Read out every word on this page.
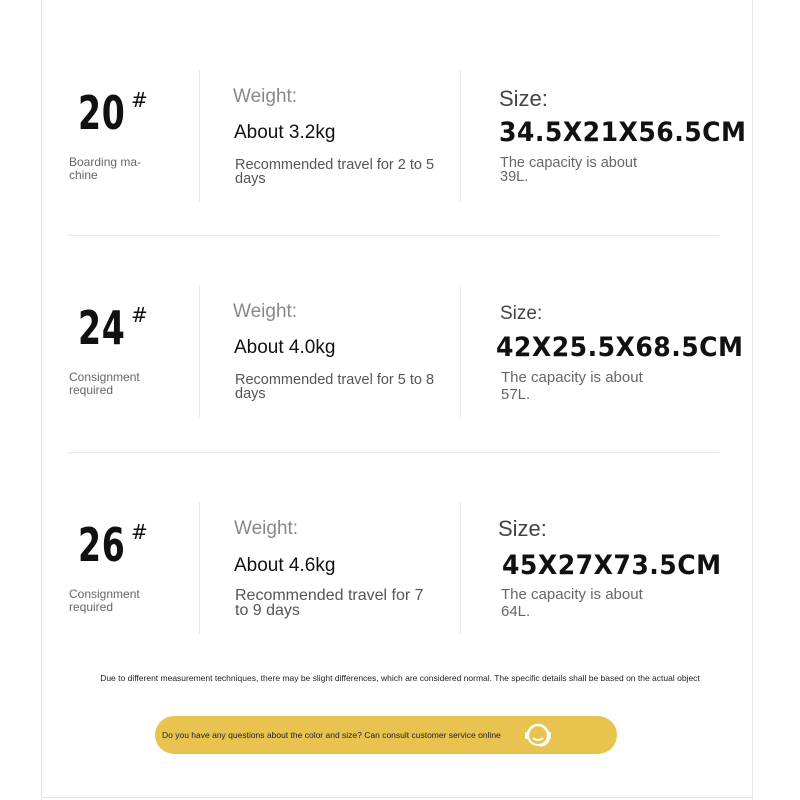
20 #
Boarding ma-chine
Weight:
About 3.2kg
Recommended travel for 2 to 5 days
Size:
34.5X21X56.5CM
The capacity is about 39L.
24 #
Consignment required
Weight:
About 4.0kg
Recommended travel for 5 to 8 days
Size:
42X25.5X68.5CM
The capacity is about 57L.
26 #
Consignment required
Weight:
About 4.6kg
Recommended travel for 7 to 9 days
Size:
45X27X73.5CM
The capacity is about 64L.
Due to different measurement techniques, there may be slight differences, which are considered normal. The specific details shall be based on the actual object
Do you have any questions about the color and size? Can consult customer service online
